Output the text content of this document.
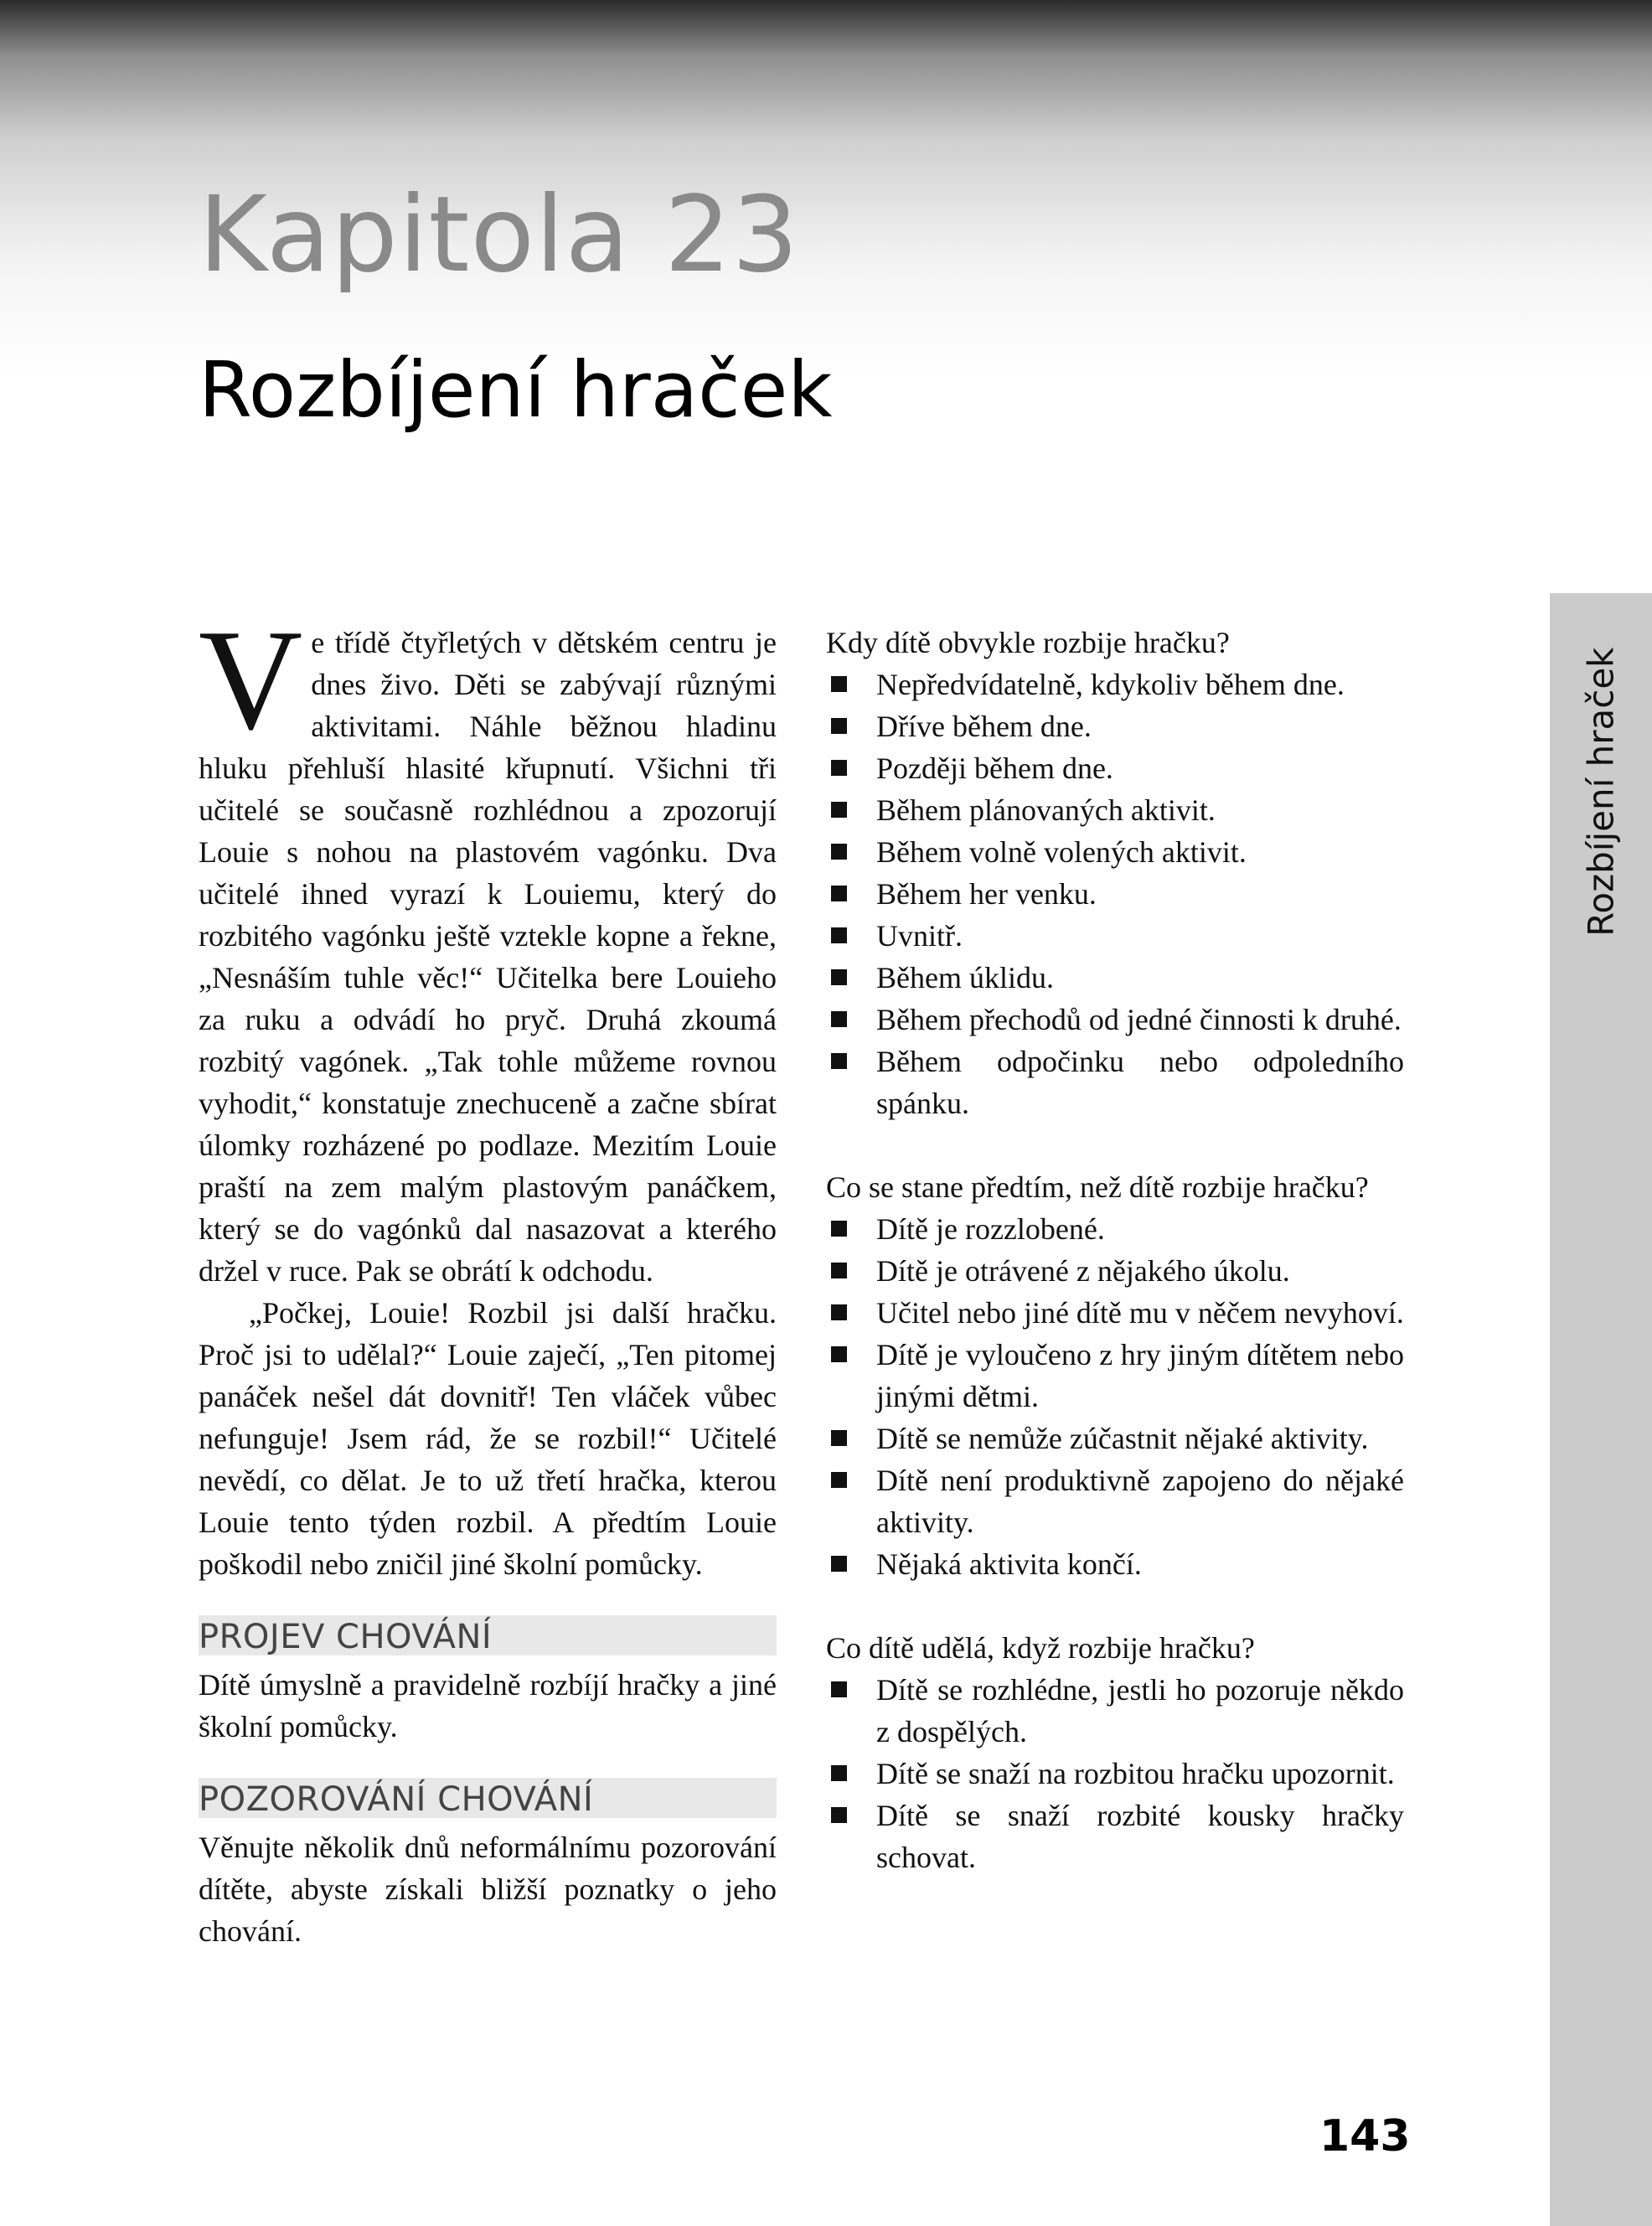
Kapitola 23
Rozbíjení hraček
Rozbíjení hraček

Ve třídě čtyřletých v dětském centru je dnes živo. Děti se zabývají různými aktivitami. Náhle běžnou hladinu hluku přehluší hlasité křupnutí. Všichni tři učitelé se současně rozhlédnou a zpozorují Louie s nohou na plastovém vagónku. Dva učitelé ihned vyrazí k Louiemu, který do rozbitého vagónku ještě vztekle kopne a řekne, „Nesnáším tuhle věc!“ Učitelka bere Louieho za ruku a odvádí ho pryč. Druhá zkoumá rozbitý vagónek. „Tak tohle můžeme rovnou vyhodit,“ konstatuje znechuceně a začne sbírat úlomky rozházené po podlaze. Mezitím Louie praští na zem malým plastovým panáčkem, který se do vagónků dal nasazovat a kterého držel v ruce. Pak se obrátí k odchodu.

„Počkej, Louie! Rozbil jsi další hračku. Proč jsi to udělal?“ Louie zaječí, „Ten pitomej panáček nešel dát dovnitř! Ten vláček vůbec nefunguje! Jsem rád, že se rozbil!“ Učitelé nevědí, co dělat. Je to už třetí hračka, kterou Louie tento týden rozbil. A předtím Louie poškodil nebo zničil jiné školní pomůcky.

PROJEV CHOVÁNÍ

Dítě úmyslně a pravidelně rozbíjí hračky a jiné školní pomůcky.

POZOROVÁNÍ CHOVÁNÍ

Věnujte několik dnů neformálnímu pozorování dítěte, abyste získali bližší poznatky o jeho chování.

Kdy dítě obvykle rozbije hračku?

Nepředvídatelně, kdykoliv během dne.
Dříve během dne.
Později během dne.
Během plánovaných aktivit.
Během volně volených aktivit.
Během her venku.
Uvnitř.
Během úklidu.
Během přechodů od jedné činnosti k druhé.
Během odpočinku nebo odpoledního spánku.

Co se stane předtím, než dítě rozbije hračku?

Dítě je rozzlobené.
Dítě je otrávené z nějakého úkolu.
Učitel nebo jiné dítě mu v něčem nevyhoví.
Dítě je vyloučeno z hry jiným dítětem nebo jinými dětmi.
Dítě se nemůže zúčastnit nějaké aktivity.
Dítě není produktivně zapojeno do nějaké aktivity.
Nějaká aktivita končí.

Co dítě udělá, když rozbije hračku?

Dítě se rozhlédne, jestli ho pozoruje někdo z dospělých.
Dítě se snaží na rozbitou hračku upozornit.
Dítě se snaží rozbité kousky hračky schovat.
143
